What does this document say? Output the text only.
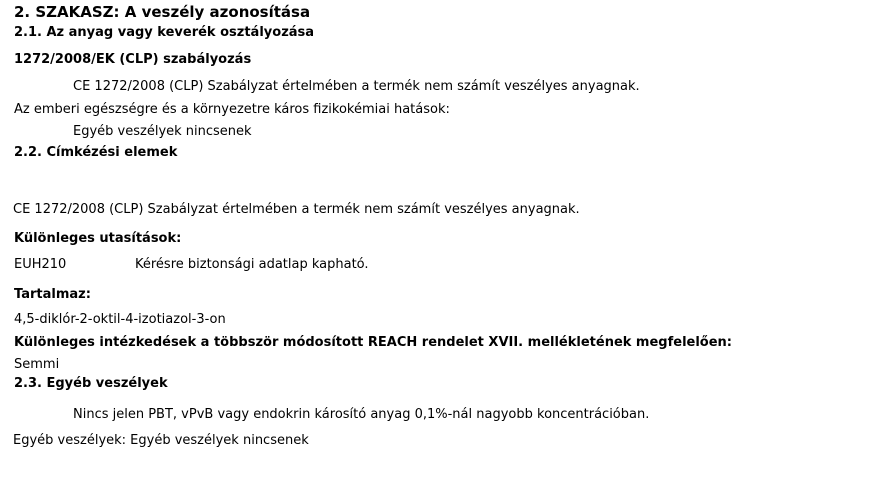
2. SZAKASZ: A veszély azonosítása
2.1. Az anyag vagy keverék osztályozása
1272/2008/EK (CLP) szabályozás
CE 1272/2008 (CLP) Szabályzat értelmében a termék nem számít veszélyes anyagnak.
Az emberi egészségre és a környezetre káros fizikokémiai hatások:
Egyéb veszélyek nincsenek
2.2. Címkézési elemek
CE 1272/2008 (CLP) Szabályzat értelmében a termék nem számít veszélyes anyagnak.
Különleges utasítások:
EUH210	Kérésre biztonsági adatlap kapható.
Tartalmaz:
4,5-diklór-2-oktil-4-izotiazol-3-on
Különleges intézkedések a többször módosított REACH rendelet XVII. mellékletének megfelelően:
Semmi
2.3. Egyéb veszélyek
Nincs jelen PBT, vPvB vagy endokrin károsító anyag 0,1%-nál nagyobb koncentrációban.
Egyéb veszélyek: Egyéb veszélyek nincsenek
